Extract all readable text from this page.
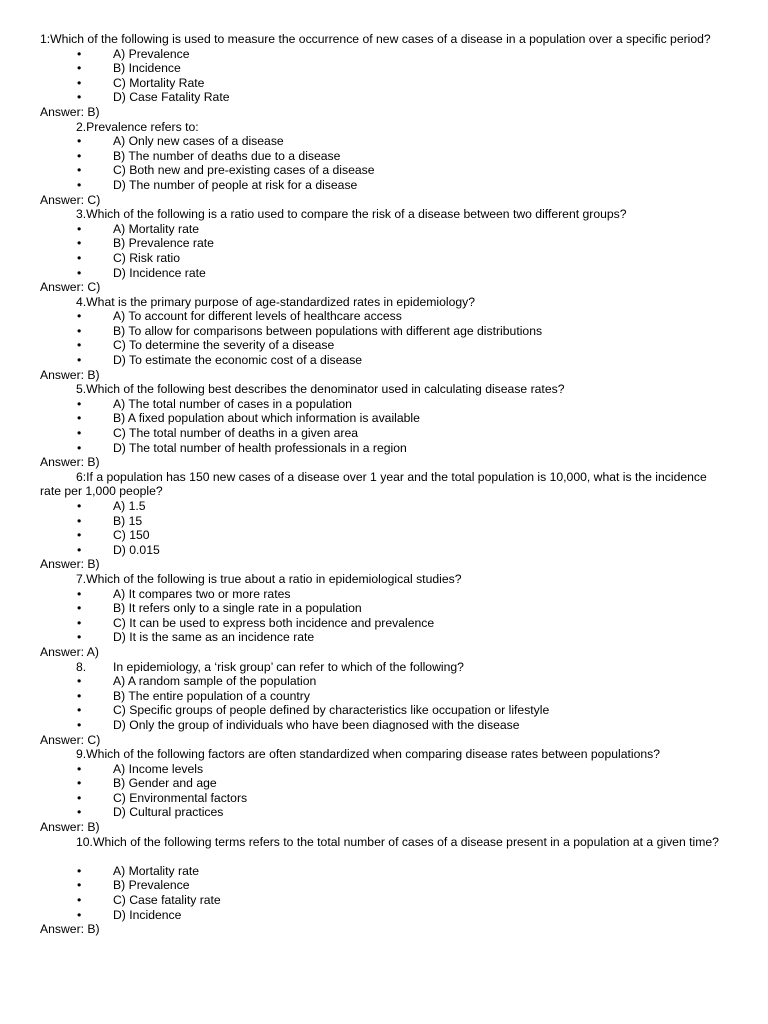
1:Which of the following is used to measure the occurrence of new cases of a disease in a population over a specific period?

•	A) Prevalence
•	B) Incidence
•	C) Mortality Rate
•	D) Case Fatality Rate

Answer: B)

2.Prevalence refers to:

•	A) Only new cases of a disease
•	B) The number of deaths due to a disease
•	C) Both new and pre-existing cases of a disease
•	D) The number of people at risk for a disease

Answer: C)

3.Which of the following is a ratio used to compare the risk of a disease between two different groups?

•	A) Mortality rate
•	B) Prevalence rate
•	C) Risk ratio
•	D) Incidence rate

Answer: C)

4.What is the primary purpose of age-standardized rates in epidemiology?

•	A) To account for different levels of healthcare access
•	B) To allow for comparisons between populations with different age distributions
•	C) To determine the severity of a disease
•	D) To estimate the economic cost of a disease

Answer: B)

5.Which of the following best describes the denominator used in calculating disease rates?

•	A) The total number of cases in a population
•	B) A fixed population about which information is available
•	C) The total number of deaths in a given area
•	D) The total number of health professionals in a region

Answer: B)

6:If a population has 150 new cases of a disease over 1 year and the total population is 10,000, what is the incidence
rate per 1,000 people?

•	A) 1.5
•	B) 15
•	C) 150
•	D) 0.015

Answer: B)

7.Which of the following is true about a ratio in epidemiological studies?

•	A) It compares two or more rates
•	B) It refers only to a single rate in a population
•	C) It can be used to express both incidence and prevalence
•	D) It is the same as an incidence rate

Answer: A)

8. In epidemiology, a ‘risk group’ can refer to which of the following?

•	A) A random sample of the population
•	B) The entire population of a country
•	C) Specific groups of people defined by characteristics like occupation or lifestyle
•	D) Only the group of individuals who have been diagnosed with the disease

Answer: C)

9.Which of the following factors are often standardized when comparing disease rates between populations?

•	A) Income levels
•	B) Gender and age
•	C) Environmental factors
•	D) Cultural practices

Answer: B)

10.Which of the following terms refers to the total number of cases of a disease present in a population at a given time?

•	A) Mortality rate
•	B) Prevalence
•	C) Case fatality rate
•	D) Incidence

Answer: B)
